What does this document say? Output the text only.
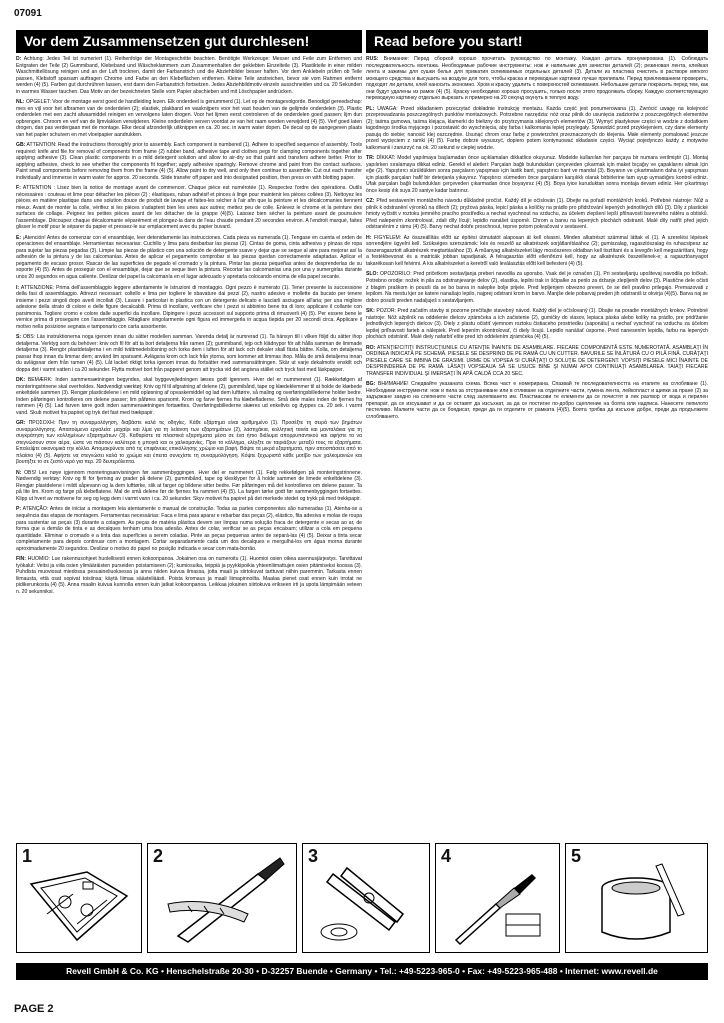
07091
Vor dem Zusammensetzen gut durchlesen!	Read before you start!

D: Achtung: Jedes Teil ist numeriert (1). Reihenfolge der Montageschritte beachten. Benötigte Werkzeuge: Messer und Feile zum Entfernen und Entgraten der Teile (2) Gummiband, Klebeband und Wäscheklammern zum Zusammenhalten der geklebten Einzelteile (3). Plastikteile in einer milden Waschmittellösung reinigen und an der Luft trocknen, damit der Farbanstrich und die Abziehbilder besser haften. Vor dem Anklebeln prüfen ob Teile passen, Klebstoff sparsam auftragen Chrome und Farbe an den Klebeflächen entfernen. Kleine Teile anstreichen, bevor sie vom Rahmen entfernt werden (4) (5). Farben gut durchrühren lassen, erst dann den Farbanstrich fortsetzen. Jedes Abziehbildmotiv einzeln ausschneiden und ca. 20 Sekunden in warmes Wasser tauchen. Das Motiv an der bezeichneten Stelle vom Papier abschieben und mit Löschpapier andrücken.

NL: OPGELET: Voor de montage eerst goed de handleiding lezen. Elk onderdeel is genummerd (1). Let op de montagevolgorde. Benodigd gereedschap: mes en vijl voor het afbramen van de onderdelen (2); elastiek, plakband en wasknijpers voor het vast houden van de gelijmde onderdelen (3). Plastic onderdelen met een zacht afwasmiddel reinigen en vervolgens laten drogen. Voor het lijmen eerst controleren of de onderdelen goed passen; lijm dun opbrengen. Chroom en verf van de lijmvlakken verwijderen. Kleine onderdelen verven voordat ze van het raam worden verwijderd (4) (5). Verf goed laten drogen, dan pas verdergaan met de montage. Elke decal afzonderlijk uitknippen en ca. 20 sec. in warm water dopen. De decal op de aangegeven plaats van het papier schuiven en met vloeipapier aandrukken.

GB: ATTENTION: Read the instructions thoroughly prior to assembly. Each component is numbered (1). Adhere to specified sequence of assembly. Tools required: knife and file for removal of components from frame (2) rubber band, adhesive tape and clothes pegs for clamping components together after applying adhesive (3). Clean plastic components in a mild detergent solution and allow to air-dry so that paint and transfers adhere better. Prior to applying adhesive, check to see whether the components fit together; apply adhesive sparingly. Remove chrome and paint from the contact surfaces. Paint small components before removing them from the frame (4) (5). Allow paint to dry well, and only then continue to assemble. Cut out each transfer individually and immerse in warm water for approx. 20 seconds. Slide transfer off paper and into designated position, then press on with blotting paper.

F: ATTENTION : Lisez bien la notice de montage avant de commencer. Chaque pièce est numérotée (1). Respectez l'ordre des opérations. Outils nécessaires : couteau et lime pour détacher les pièces (2) ; élastiques, ruban adhésif et pinces à linge pour maintenir les pièces collées (3). Nettoyez les pièces en matière plastique dans une solution douce de produit de lavage et faites-les sécher à l'air afin que la peinture et les décalcomanies tiennent mieux. Avant de monter la colle, vérifiez si les pièces s'adaptent bien les unes aux autres; mettez peu de colle. Enlevez le chrome et la peinture des surfaces de collage. Peignez les petites pièces avant de les détacher de la grappe (4)(5). Laissez bien sécher la peinture avant de poursuivre l'assemblage. Découpez chaque décalcomanie séparément et plongez-la dans de l'eau chaude pendant 20 secondes environ. A l'endroit marqué, faites glisser le motif pour le séparer du papier et pressez-le sur emplacement avec du papier buvard.

E: ¡Atención! Antes de comenzar con el ensamblaje, leer detenidamente las instrucciones. Cada pieza va numerada (1). Tengase en cuenta el orden de operaciones del ensamblaje. Herramientas necesarias: Cuchillo y lima para desbarbar las piezas (2). Cintas de goma, cinta adhesiva y pinzas de ropa para sujetar las piezas pegadas (3). Limpie las piezas de plástico con una solución de detergente suave y dejar que se seque al aire para mejorar así la adhesión de la pintura y de las calcomanías. Antes de aplicar el pegamento comprobar si las piezas quedan correctamente adaptadas. Aplicar el pegamento de escaso grosor. Rascar de las superficies de pegado el cromado y la pintura. Pintar las piezas pequeñas antes de desprenderlas de su soporte (4) (5). Antes de proseguir con el ensamblaje, dejar que se seque bien la pintura. Recortar las calcomanías una por una y sumergirlas durante unos 20 segundos en agua caliente. Deslizar del papel la calcomanía en el lugar adecuado y apretarla colocando encima de ella papel secante.

I: ATTENZIONE: Prima dell'assemblaggio leggere attentamente le istruzioni di montaggio. Ogni pezzo è numerato (1). Tener presente la successione della fasi di assemblaggio. Attrezzi necessari: coltello e lima per togliere le sbavature dai pezzi (2), nastro adesivo e mollette da bucato per tenere insieme i pezzi singoli dopo averli incollati (3). Lavare i particolari in plastica con un detergente delicato e lasciarli asciugare all'aria; per una migliore adesione della strato di colore e delle figure decalcabili. Prima di incollare, verificare che i pezzi si abbinino bene tra di loro; applicare il collante con parsimonia. Togliere cromo e colore dalle superfici da incollare. Dipingere i pezzi accessori sul supporto prima di rimuoverli (4) (5). Per essere bene le vernice prima di proseguire con l'assemblaggio. Ritagliare singolarmente ogni figura ed immergerla in acqua tiepida per 20 secondi circa. Applicare il motivo nella posizione segnata e tamponarlo con carta assorbente.

S: OBS: Läs instruktionerna noga igenom innan du sätter modellen samman. Varenda detalj är numrerad (1). Ta hänsyn till i vilken följd du sätter ihop detaljerna. Verktyg som du behöver: kniv och fil för att ta bort detaljerna från ramen (2); gummiband, tejp och klädnypor för att hålla samman de limmade detaljerna (3). Rengör plastdetaljerna i en mild tvättmedelslösning och torka dem i luften för att lack och dekaler skall fästa bättre. Kolla, om detaljerna passar ihop innan du limmar dem; använd lim sparsamt. Avlägsna krom och lack från ytorna, som kommer att limmas ihop. Måla de små detaljerna innan du avlägsnar dem från ramen (4) (5). Låt lacket riktigt torka igenom innan du fortsätter med sammansättningen. Skär ut varje dekalmotiv enskilt och doppa det i varmt vatten i ca 20 sekunder. Flytta motivet bort från papperet genom att trycka vid det angivna stället och tryck fast med läskpapper.

DK: BEMÆRK: Inden sammensætningen begyndes, skal byggevejledningen læses godt igennem. Hver del er nummereret (1). Rækkefølgen af monteringstrinene skal overholdes. Nødvendigt værktøj: Kniv og fil til afgratning af delene (2), gummibånd, tape og klædeklemmer til at holde de klæbede enkeltdele sammen (3). Rengør plasticdelene i en mild opløsning af opvaskemiddel og lad dem lufttørre, så maling og overføringsbillederne holder bedre. Inden påføringen kontrolleres om delene passer; lim påføres sparsomt. Krom og farve fjernes fra klæbefladerne. Små dele males inden de fjernes fra rammen (4) (5). Lad farven tørre godt inden sammensætningen fortsættes. Overføringsbillederne skæres ud enkeltvis og dyppes ca. 20 sek. i varmt vand. Skub motivet fra papiret og tryk det fast med trækpapir.

GR: ΠΡΟΣΟΧΗ: Πριν τη συναρμολόγηση, διαβάστε καλά τις οδηγίες. Κάθε εξάρτημα είναι αριθμημένο (1). Προσέξτε τη σειρά των βημάτων συναρμολόγησης. Απαιτούμενα εργαλεία: μαχαίρι και λίμα για τη λείανση των εξαρτημάτων (2), λαστιχάκια, κολλητική ταινία και μανταλάκια για τη συγκράτηση των κολλημένων εξαρτημάτων (3). Καθαρίστε τα πλαστικά εξαρτήματα μέσα σε ένα ήπιο διάλυμα απορρυπαντικού και αφήστε τα να στεγνώσουν στον αέρα, ώστε να πιάσουν καλύτερα η μπογιά και οι χαλκομανίες. Πριν το κόλλημα, ελέγξτε αν ταιριάζουν μεταξύ τους τα εξαρτήματα. Επαλείψτε οικονομικά την κόλλα. Απομακρύνετε από τις επιφάνειες επικόλλησης χρώμιο και βαφή. Βάψτε τα μικρά εξαρτήματα, πριν αποσπάσετε από το πλαίσιο (4) (5). Αφήστε να στεγνώσει καλά το χρώμα και έπειτα συνεχίστε τη συναρμολόγηση. Κόψτε ξεχωριστά κάθε μοτίβο των χαλκομανιών και βουτήξτε το σε ζεστό νερό για περ. 20 δευτερόλεπτα.

N: OBS! Les nøye igjennom monteringsanvisningen før sammenbyggingen. Hver del er nummerert (1). Følg rekkefølgen på monteringstrinnene. Nødvendig verktøy: Kniv og fil for fjerning av grader på delene (2), gummibånd, tape og klesklyper for å holde sammen de limede enkeltdelene (3). Rengjør plastdelene i mildt såpevann og la dem lufttørke, slik at farger og bildene sitter bedre. Før påføringen må det kontrolleres om delene passer. Ta på lite lim. Krom og farge på klebeflatene. Mal de små delene før de fjernes fra rammen (4) (5). La fargen tørke godt før sammenbyggingen fortsettes. Klipp ut hvert av motivene for seg og legg dem i varmt vann i ca. 20 sekunder. Skyv motivet fra papiret på det merkede stedet og trykk på med trekkpapir.

P: ATENÇÃO: Antes de iniciar a montagem leia atentamente o manual de construção. Todas as partes componentes são numeradas (1). Atenha-se a sequência das etapas de montagem. Ferramentas necessárias: Faca e lima para aparar e rebarbar das peças (2), elástico, fita adesiva e molas de roupa para sustentar as peças (3) durante a colagem. As peças de matéria plástica devem ser limpas numa solução fraca de detergente e secas ao ar, de forma que a demão de tinta e as decalques tenham uma boa adesão. Antes de colar, verificar se as peças encaixam; utilizar a cola em pequena quantidade. Eliminar o cromado e a tinta das superfícies a serem coladas. Pinte as peças pequenas antes de separá-las (4) (5). Deixar a tinta secar completamente para depois continuar com a montagem. Cortar separadamente cada um dos decalques e mergulhá-los em água morna durante aproximadamente 20 segundos. Deslizar o motivo do papel no posição indicada e secar com mata-borrão.

FIN: HUOMIO: Lue rakennusohjeet huolellisesti ennen kokoonpanoa. Jokainen osa on numeroitu (1). Huomioi osien oikea asennusjärjestys. Tarvittavat työkalut: Veitsi ja viila osien ylimääräisten purseiden poistamiseen (2); kumiosuika, teippiä ja pyykkipoikia yhteenliimattujen osien pitämiseksi koossa (3). Puhdista muoviosat miedossa pesuaineliuoksessa ja anna niiden kuivua ilmassa, jotta maali ja siirtokuvat tarttuvat niihin paremmin. Tarkasta ennen liimausta, että osat sopivat toisiinsa; käytä liimaa säästeliäästi. Poista kromaus ja maali liimapinnoilta. Maalaa pienet osat ennen kuin irrotat ne pidikerunkosta (4) (5). Anna maalin kuivua kunnolla ennen kuin jatkat kokoonpanoa. Leikkaa jokainen siirtokuva erikseen irti ja upota lämpimään veteen n. 20 sekunniksi.

RUS: Внимание: Перед сборкой хорошо прочитать руководство по монтажу. Каждая деталь пронумерована (1). Соблюдать последовательность монтажа. Необходимые рабочие инструменты: нож и напильник для зачистки деталей (2); резиновая лента, клейкая лента и зажимы для сушки белья для прижатия склеиваемых отдельных деталей (3). Детали из пластика очистить в растворе мягкого моющего средства и высушить на воздухе для того, чтобы краска и переводные картинки лучше прилипали. Перед приклеиванием проверить, подходят ли детали, клей наносить экономно. Хром и краску удалить с поверхностей склеивания. Небольшие детали покрасить перед тем, как они будут удалены из рамок (4) (5). Краску необходимо хорошо просушить, только после этого продолжать сборку. Каждую соответствующую переводную картинку отдельно вырезать и примерно на 20 секунд окунуть в теплую воду.

PL: UWAGA: Przed składaniem przeczytać dokładnie instrukcję montażu. Każda część jest ponumerowana (1). Zwrócić uwagę na kolejność przeprowadzania poszczególnych punktów montażowych. Potrzebne narzędzia: nóż oraz pilnik do usunięcia zadziorów z poszczególnych elementów (2); taśma gumowa, taśma klejąca, klamerki do bielizny do przytrzymania sklejonych elementów (3). Wymyć plastykowe części w wodzie z dodatkiem łagodnego środka myjącego i pozostawić do wyschnięcia, aby farba i kalkomania lepiej przylegały. Sprawdzić przed przyklejeniem, czy dane elementy pasują do siebie; nanosić klej oszczędnie. Usunąć chrom oraz farbę z powierzchni przeznaczonych do klejenia. Małe elementy pomalować jeszcze przed wycięciem z ramki (4) (5). Farbę dobrze wysuszyć, dopiero potem kontynuować składanie części. Wyciąć pojedynczo każdy z motywów kalkomanii i zanurzyć na ok. 20 sekund w ciepłej wodzie.

TR: DİKKAT: Model yapılmaya başlamadan önce açıklamaları dikkatlice okuyunuz. Modelde kullanılan her parçaya bir numara verilmiştir (1). Montaj yapılırken sıralamaya dikkat ediniz. Gerekli el aletleri: Parçaları bağlı bulundukları çerçeveden çıkarmak için maket bıçağıy ve çapaklarını almak için eğe (2). Yapıştırıcı sürüldükten sonra parçaların yapışması için lastik bant, yapıştırıcı bant ve mandal (3). Boyanın ve çıkartmaların daha iyi yapışması için plastik parçaları hafif bir deterjanla yıkayınız. Yapıştırıcı sürmeden önce parçaların karşılıklı olarak birbirlerine tam uyup uymadığını kontrol ediniz. Ufak parçaları bağlı bulundukları çerçeveden çıkarmadan önce boyayınız (4) (5). Boya iyice kuruduktan sonra montaja devam ediniz. Her çıkartmayı önce kesip ılık suya 20 saniye kadar batırınız.

CZ: Před sestavením montážního návodu důkladně pročíst. Každý díl je očíslován (1). Dbejte na pořadí montážních kroků. Potřebné nástroje: Nůž a pilník k odstranění výronků na dílech (2); pryžová páska, lepicí páska a kolíčky na prádlo pro přidržování lepených jednotlivých dílů (3). Díly z plastické hmoty vyčistit v roztoku jemného pracího prostředku a nechat vyschnout na vzduchu, za účelem zlepšení lepší přilnavosti barevného nátěru a obtisků. Před nalepením zkontrolovat, zdali díly lícují; lepidlo nanášet úsporně. Chrom a barvu na lepených plochách odstranit. Malé díly natřít před jejich odstraněním z rámu (4) (5). Barvy nechat dobře proschnout, teprve potom pokračovat v sestavení.

H: FIGYELEM: Az összeállítás előtt az építési útmutatót alaposan át kell olvasni. Minden alkatrészt számmal láttak el (1). A szerelési lépések sorrendjére ügyelni kell. Szükséges szerszámok: kés és reszelő az alkatrészek sorjátlanításához (2); gumiszalag, ragasztószalag és ruhacsipesz az összeragasztott alkatrészek megtartásához (3). A műanyag alkatrészeket lágy mosószeres oldatban kell tisztítani és a levegőn kell megszáríttani, hogy a festékbevonat és a matricák jobban tapadjanak. A felragasztás előtt ellenőrizni kell, hogy az alkatrészek összeillenek-e; a ragasztóanyagot takarékosan kell felvinni. A kis alkatrészeket a keretről való leválasztás előtt kell befesteni (4) (5).

SLO: OPOZORILO: Pred pričetkom sestavljanja preberi navodila za uporabo. Vsak del je označen (1). Pri sestavljanju upoštevaj navodila po točkah. Potrebno orodje: nožek in pila za odstranjevanje delov (2), elastika, lepilni trak in ščipalke za perilo za držanje zlepljenih delov (3). Plastične dele očisti z blagim praškom in pousši da se bo barva in nalepke bolje prijele. Pred lepljenjem obvezno preveri, če se deli pravilno prilegajo. Premazovati z lepilom. Na mestu kjer se katere nanašajo lepilo, najprej odstrani krom in barvo. Manjše dele pobarvaj preden jih odstraniš iz okvirja (4)(5). Barva naj se dobro posuši preden nadaljuješ s sestavljanjem.

SK: POZOR: Pred začatím stavby si pozorne prečítajte stavebný návod. Každý diel je očíslovaný (1). Dbajte na poradie montážnych krokov. Potrebné nástroje: Nôž ažpilník na oddelenie dielcov zjrámčeka a ich začistenie (2), gumičky do vlasov, lepiaca páska alebo kolíky na prádlo, pre pridŕžanie jednotlivých lepených dielcov (3). Diely z plastu očistiť vjemnom roztoku čistiaceho prostriedku (saponátu) a nechať vyschnúť na vzduchu za účelom lepšej priľnavosti farieb a nálepiek. Pred lepením skontrolovať, či diely lícujú. Lepidlo nanášať úsporne. Pred nanesením lepidla, farbu na lepených plochách odstrániť. Malé diely nafarbiť ešte pred ich oddelením zjrámčeka (4) (5).

RO: ATENŢIE!CITIŢI INSTRUCŢIUNILE CU ATENŢIE ÎNAINTE DE ASAMBLARE. FIECARE COMPONENTĂ ESTE NUMEROTATĂ. ASAMBLAŢI ÎN ORDINEA INDICATĂ PE SCHEMĂ. PIESELE SE DESPRIND DE PE RAMĂ CU UN CUTTER. BAVURILE SE ÎNLĂTURĂ CU O PILĂ FINĂ. CURĂŢAŢI PIESELE CARE SE IMBINA DE GRASIMI. URME DE VOPSEA SI CURĂŢAŢI O SOLUŢIE DE DETERGENT. VOPSIŢI PIESELE MICI ÎNAINTE DE DESPRINDEREA DE PE RAMĂ. LĂSAŢI VOPSEAUA SĂ SE USUCE BINE ŞI NUMAI APOI CONTINUAŢI ASAMBLAREA. TAIAŢI FIECARE TRANSFER INDIVIDUAL ŞI IMERSAŢI ÎN APĂ CALDĂ CCA 20 SEC.

BG: ВНИМАНИЕ! Следвайте указаната схема. Всяка част е номерирана. Спазвай те последователността на етапите на сглобяване (1). Необходими инструменти: нож и пила за отстраняване или в отливане на отделните части, гумена лента, лейкопласт и щипки за пране (2) за задържане заедно на слепените части след залепването им. Пластмасови те елементи да се почистят в лек разтвор от вода и перилен препарат, да се изсушават и да се оставят да изсъхнат, за да се постигне по-добро сцепление на боята или надписа. Нанесете лепилото пестеливо. Малките части да се боядисат, преди да ги отделите от рамката (4)(5). Боята трябва да изсъхне добре, преди да продължите сглобяването.

1	2	3	4	5
Revell GmbH & Co. KG • Henschelstraße 20-30 • D-32257 Buende • Germany • Tel.: +49-5223-965-0 • Fax: +49-5223-965-488 • Internet: www.revell.de
PAGE 2
